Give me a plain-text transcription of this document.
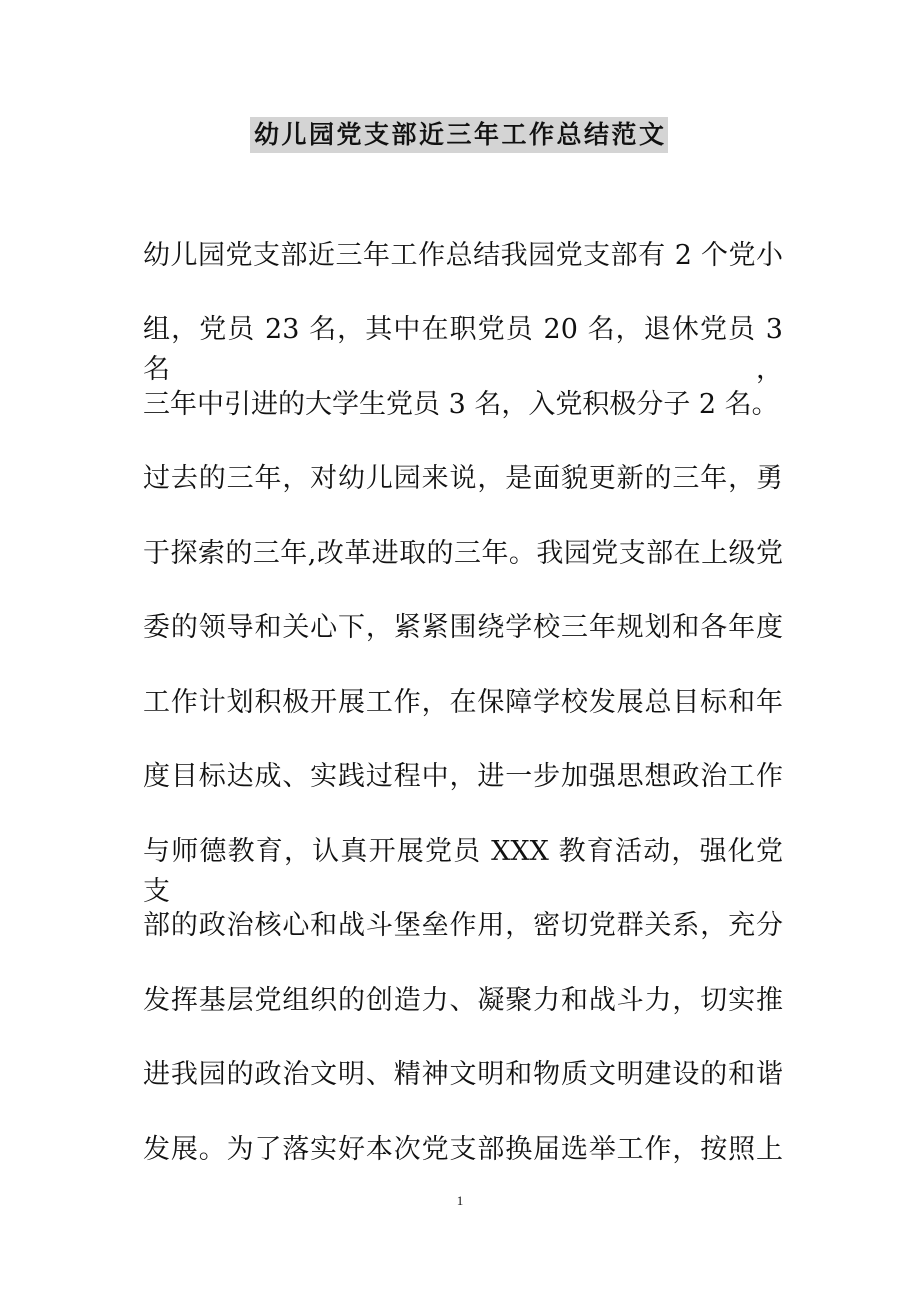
幼儿园党支部近三年工作总结范文
幼儿园党支部近三年工作总结我园党支部有 2 个党小
组，党员 23 名，其中在职党员 20 名，退休党员 3 名，
三年中引进的大学生党员 3 名，入党积极分子 2 名。
过去的三年，对幼儿园来说，是面貌更新的三年，勇
于探索的三年,改革进取的三年。我园党支部在上级党
委的领导和关心下，紧紧围绕学校三年规划和各年度
工作计划积极开展工作，在保障学校发展总目标和年
度目标达成、实践过程中，进一步加强思想政治工作
与师德教育，认真开展党员 XXX 教育活动，强化党支
部的政治核心和战斗堡垒作用，密切党群关系，充分
发挥基层党组织的创造力、凝聚力和战斗力，切实推
进我园的政治文明、精神文明和物质文明建设的和谐
发展。为了落实好本次党支部换届选举工作，按照上
1
